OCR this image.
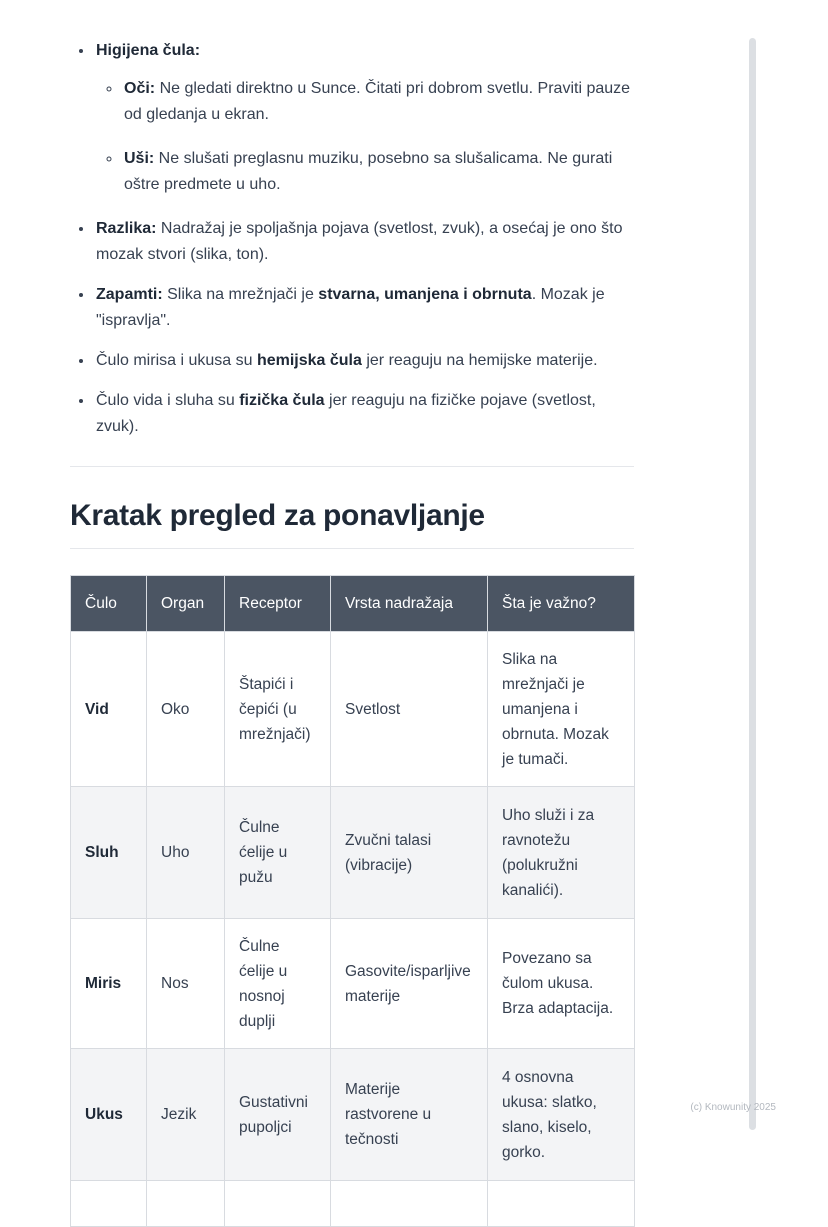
• Higijena čula:
◦ Oči: Ne gledati direktno u Sunce. Čitati pri dobrom svetlu. Praviti pauze od gledanja u ekran.
◦ Uši: Ne slušati preglasnu muziku, posebno sa slušalicama. Ne gurati oštre predmete u uho.
• Razlika: Nadražaj je spoljašnja pojava (svetlost, zvuk), a osećaj je ono što mozak stvori (slika, ton).
• Zapamti: Slika na mrežnjači je stvarna, umanjena i obrnuta. Mozak je "ispravlja".
• Čulo mirisa i ukusa su hemijska čula jer reaguju na hemijske materije.
• Čulo vida i sluha su fizička čula jer reaguju na fizičke pojave (svetlost, zvuk).
Kratak pregled za ponavljanje
Čulo	Organ	Receptor	Vrsta nadražaja	Šta je važno?
Vid	Oko	Štapići i čepići (u mrežnjači)	Svetlost	Slika na mrežnjači je umanjena i obrnuta. Mozak je tumači.
Sluh	Uho	Čulne ćelije u pužu	Zvučni talasi (vibracije)	Uho služi i za ravnotežu (polukružni kanalići).
Miris	Nos	Čulne ćelije u nosnoj duplji	Gasovite/isparljive materije	Povezano sa čulom ukusa. Brza adaptacija.
Ukus	Jezik	Gustativni pupoljci	Materije rastvorene u tečnosti	4 osnovna ukusa: slatko, slano, kiselo, gorko.

(c) Knowunity 2025
